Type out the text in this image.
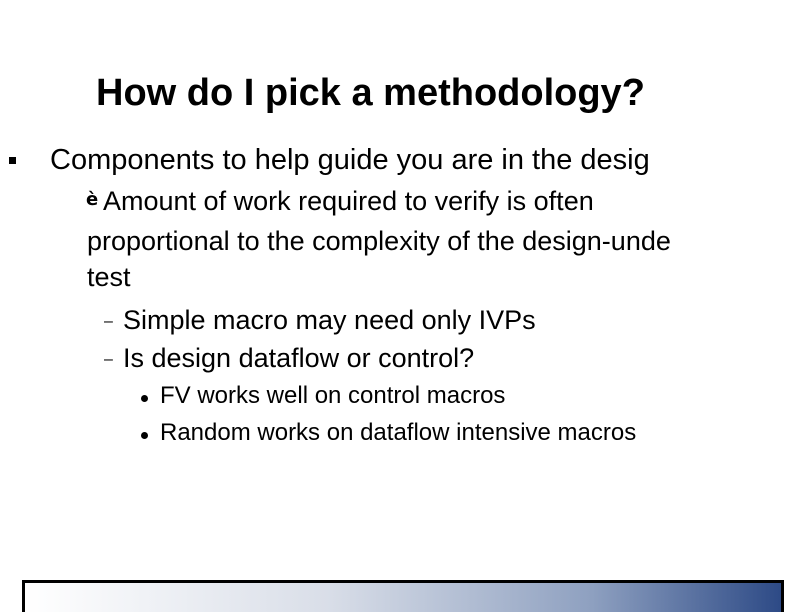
How do I pick a methodology?

Components to help guide you are in the desig

è Amount of work required to verify is often

proportional to the complexity of the design-unde

test

– Simple macro may need only IVPs

– Is design dataflow or control?

FV works well on control macros

Random works on dataflow intensive macros
